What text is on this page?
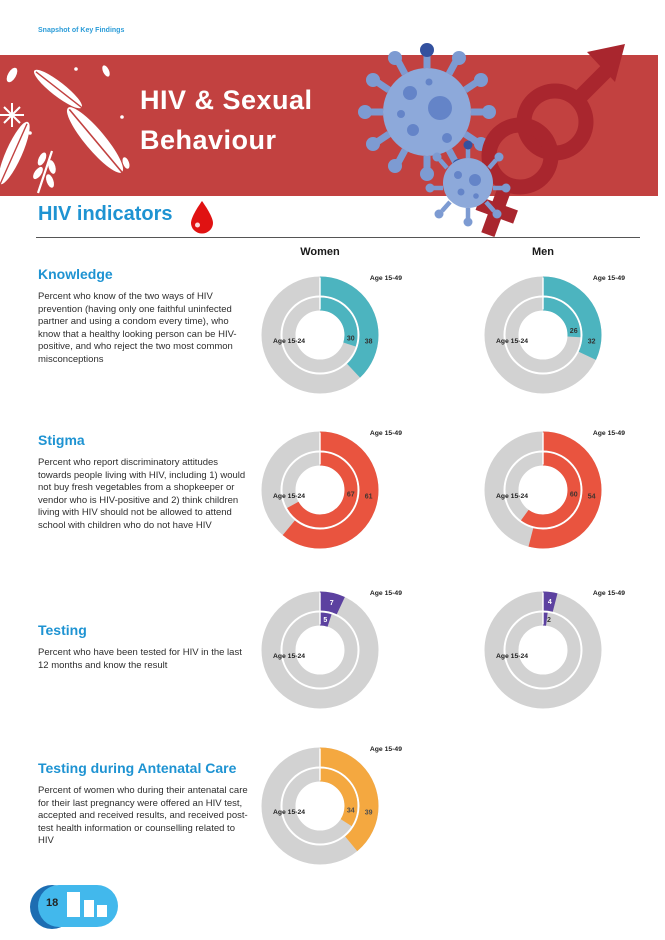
Snapshot of Key Findings
HIV & Sexual
Behaviour
HIV indicators
Women	Men
Knowledge
Percent who know of the two ways of HIV prevention (having only one faithful uninfected partner and using a condom every time), who know that a healthy looking person can be HIV-positive, and who reject the two most common misconceptions
Age 15-49
Age 15-24	38
30
Age 15-49
Age 15-24	32
26
Stigma
Percent who report discriminatory attitudes towards people living with HIV, including 1) would not buy fresh vegetables from a shopkeeper or vendor who is HIV-positive and 2) think children living with HIV should not be allowed to attend school with children who do not have HIV
Age 15-49
Age 15-24	61
67
Age 15-49
Age 15-24	54
60
Testing
Percent who have been tested for HIV in the last 12 months and know the result
Age 15-49
Age 15-24
7
5
Age 15-49
Age 15-24
4
2
Testing during Antenatal Care
Percent of women who during their antenatal care for their last pregnancy were offered an HIV test, accepted and received results, and received post-test health information or counselling related to HIV
Age 15-49
Age 15-24	39
34
18
